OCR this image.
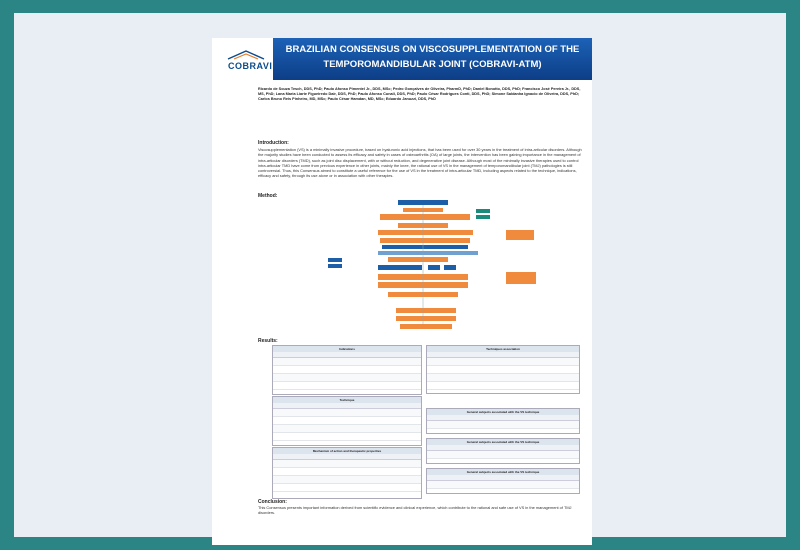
COBRAVI
BRAZILIAN CONSENSUS ON VISCOSUPPLEMENTATION OF THE
TEMPOROMANDIBULAR JOINT (COBRAVI-ATM)
Ricardo de Souza Tesch, DDS, PhD; Paulo Afonso Pimentel Jr., DDS, MSc; Pedro Gonçalves de Oliveira, PharmD, PhD; Daniel Bonotto, DDS, PhD; Francisco José Pereira Jr., DDS, MS, PhD; Lana Maria Liarte Figueiredo Dair, DDS, PhD; Paulo Afonso Cunali, DDS, PhD; Paulo César Rodrigues Conti, DDS, PhD; Simone Saldanha Ignacio de Oliveira, DDS, PhD; Carlos Bruno Reis Pinheiro, MD, MSc; Paulo César Hamdan, MD, MSc; Eduardo Januzzi, DDS, PhD
Introduction:
Viscosupplementation (VS) is a minimally invasive procedure, based on hyaluronic acid injections, that has been used for over 30 years in the treatment of intra-articular disorders. Although the majority studies have been conducted to assess its efficacy and safety in cases of osteoarthritis (OA) of large joints, the intervention has been gaining importance in the management of intra-articular disorders (TMD), such as joint disc displacement, with or without reduction, and degenerative joint disease. Although most of the minimally invasive therapies used to control intra-articular TMD have come from previous experience in other joints, mainly the knee, the rational use of VS in the management of temporomandibular joint (TMJ) pathologies is still controversial. Thus, this Consensus aimed to constitute a useful reference for the use of VS in the treatment of intra-articular TMD, including aspects related to the technique, indications, efficacy and safety, through its use alone or in association with other therapies.
Method:
Results:
Indications
Technique
Mechanism of action and therapeutic properties
Techniques association
General subjects associated with the VS technique
General subjects associated with the VS technique
General subjects associated with the VS technique
Conclusion:
This Consensus presents important information derived from scientific evidence and clinical experience, which contribute to the rational and safe use of VS in the management of TMJ disorders.
